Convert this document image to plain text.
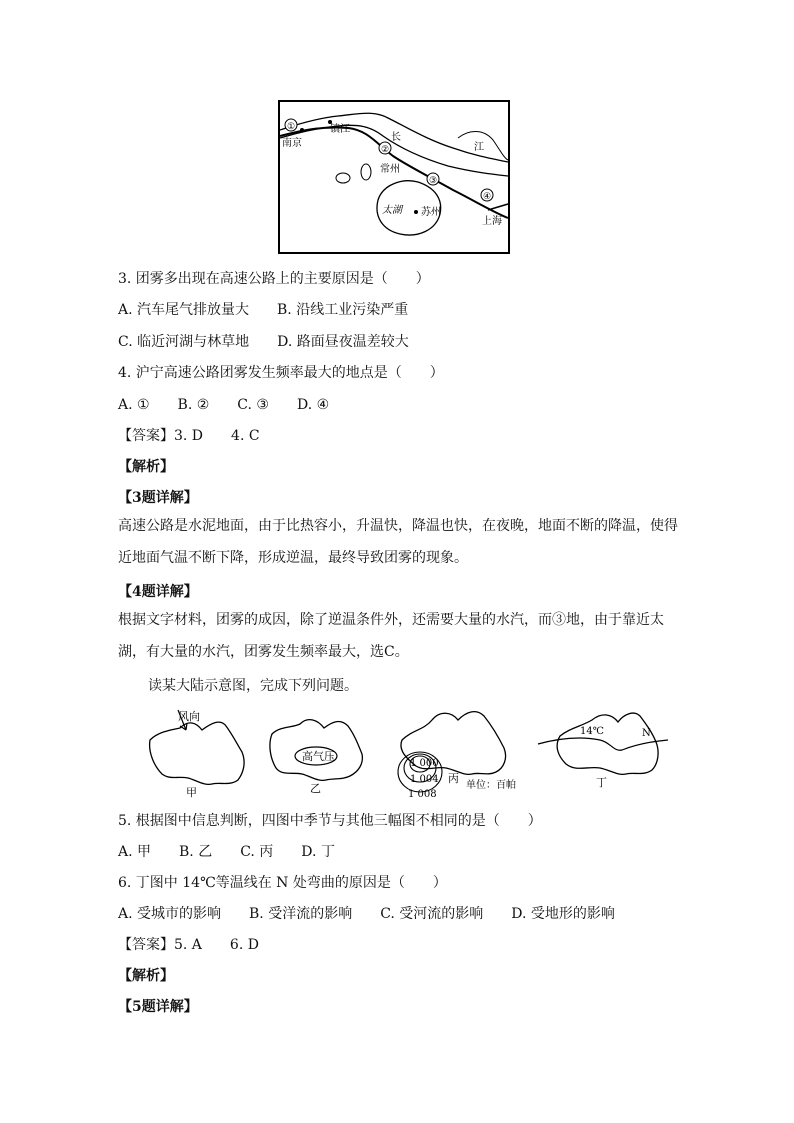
①
②
③
④
南京
镇江
长
江
常州
太湖 苏州
上海
3. 团雾多出现在高速公路上的主要原因是（　　）
A. 汽车尾气排放量大　　B. 沿线工业污染严重
C. 临近河湖与林草地　　D. 路面昼夜温差较大
4. 沪宁高速公路团雾发生频率最大的地点是（　　）
A. ①　　B. ②　　C. ③　　D. ④
【答案】3. D　　4. C
【解析】
【3题详解】
高速公路是水泥地面，由于比热容小，升温快，降温也快，在夜晚，地面不断的降温，使得近地面气温不断下降，形成逆温，最终导致团雾的现象。
【4题详解】
根据文字材料，团雾的成因，除了逆温条件外，还需要大量的水汽，而③地，由于靠近太湖，有大量的水汽，团雾发生频率最大，选C。
读某大陆示意图，完成下列问题。
风向
甲
高气压
乙
1 000
1 004
1 008
丙
单位：百帕
14℃	N
丁
5. 根据图中信息判断，四图中季节与其他三幅图不相同的是（　　）
A. 甲　　B. 乙　　C. 丙　　D. 丁
6. 丁图中 14℃等温线在 N 处弯曲的原因是（　　）
A. 受城市的影响　　B. 受洋流的影响　　C. 受河流的影响　　D. 受地形的影响
【答案】5. A　　6. D
【解析】
【5题详解】
